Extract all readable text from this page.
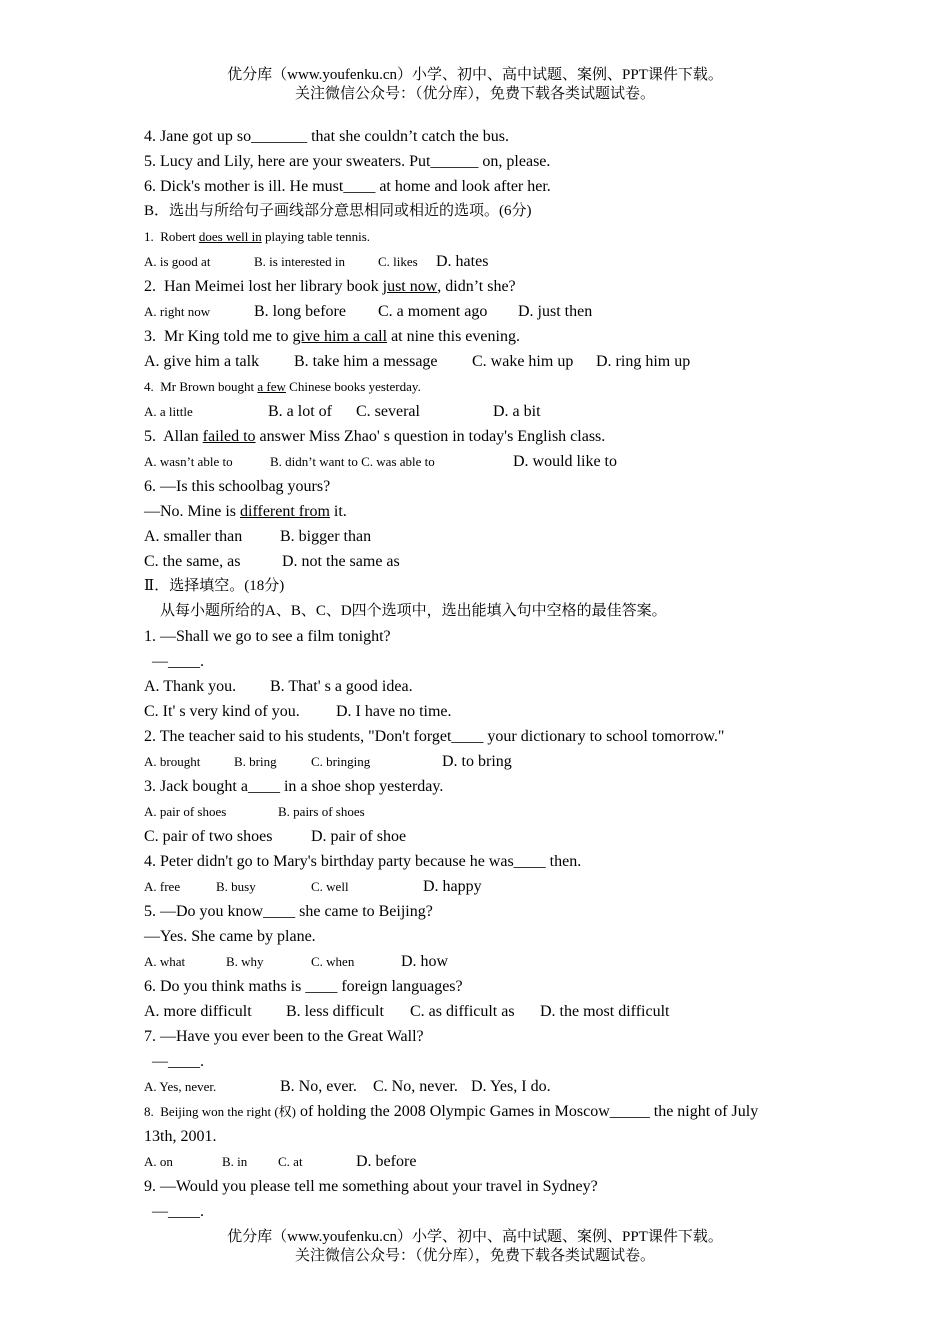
优分库（www.youfenku.cn）小学、初中、高中试题、案例、PPT课件下载。
关注微信公众号：（优分库），免费下载各类试题试卷。
4. Jane got up so_______ that she couldn’t catch the bus.
5. Lucy and Lily, here are your sweaters. Put______ on, please.
6. Dick's mother is ill. He must____ at home and look after her.
B．选出与所给句子画线部分意思相同或相近的选项。(6分)
1.  Robert does well in playing table tennis.
A. is good at	B. is interested in	C. likes D. hates
2.  Han Meimei lost her library book just now, didn’t she?
A. right now	B. long before C. a moment ago D. just then
3.  Mr King told me to give him a call at nine this evening.
A. give him a talk B. take him a message C. wake him up D. ring him up
4.  Mr Brown bought a few Chinese books yesterday.
A. a little	B. a lot of C. several	D. a bit
5.  Allan failed to answer Miss Zhao' s question in today's English class.
A. wasn’t able to	B. didn’t want to C. was able to	D. would like to
6. —Is this schoolbag yours?
—No. Mine is different from it.
A. smaller than B. bigger than
C. the same, as	D. not the same as
Ⅱ．选择填空。(18分)
从每小题所给的A、B、C、D四个选项中，选出能填入句中空格的最佳答案。
1. —Shall we go to see a film tonight?
—____.
A. Thank you. B. That' s a good idea.
C. It' s very kind of you. D. I have no time.
2. The teacher said to his students, "Don't forget____ your dictionary to school tomorrow."
A. brought	B. bring	C. bringing	D. to bring
3. Jack bought a____ in a shoe shop yesterday.
A. pair of shoes	B. pairs of shoes
C. pair of two shoes D. pair of shoe
4. Peter didn't go to Mary's birthday party because he was____ then.
A. free	B. busy	C. well	D. happy
5. —Do you know____ she came to Beijing?
—Yes. She came by plane.
A. what	B. why	C. when	D. how
6. Do you think maths is ____ foreign languages?
A. more difficult B. less difficult C. as difficult as D. the most difficult
7. —Have you ever been to the Great Wall?
—____.
A. Yes, never.	B. No, ever. C. No, never. D. Yes, I do.
8.  Beijing won the right (权) of holding the 2008 Olympic Games in Moscow_____ the night of July
13th, 2001.
A. on	B. in C. at	D. before
9. —Would you please tell me something about your travel in Sydney?
—____.
优分库（www.youfenku.cn）小学、初中、高中试题、案例、PPT课件下载。
关注微信公众号：（优分库），免费下载各类试题试卷。
